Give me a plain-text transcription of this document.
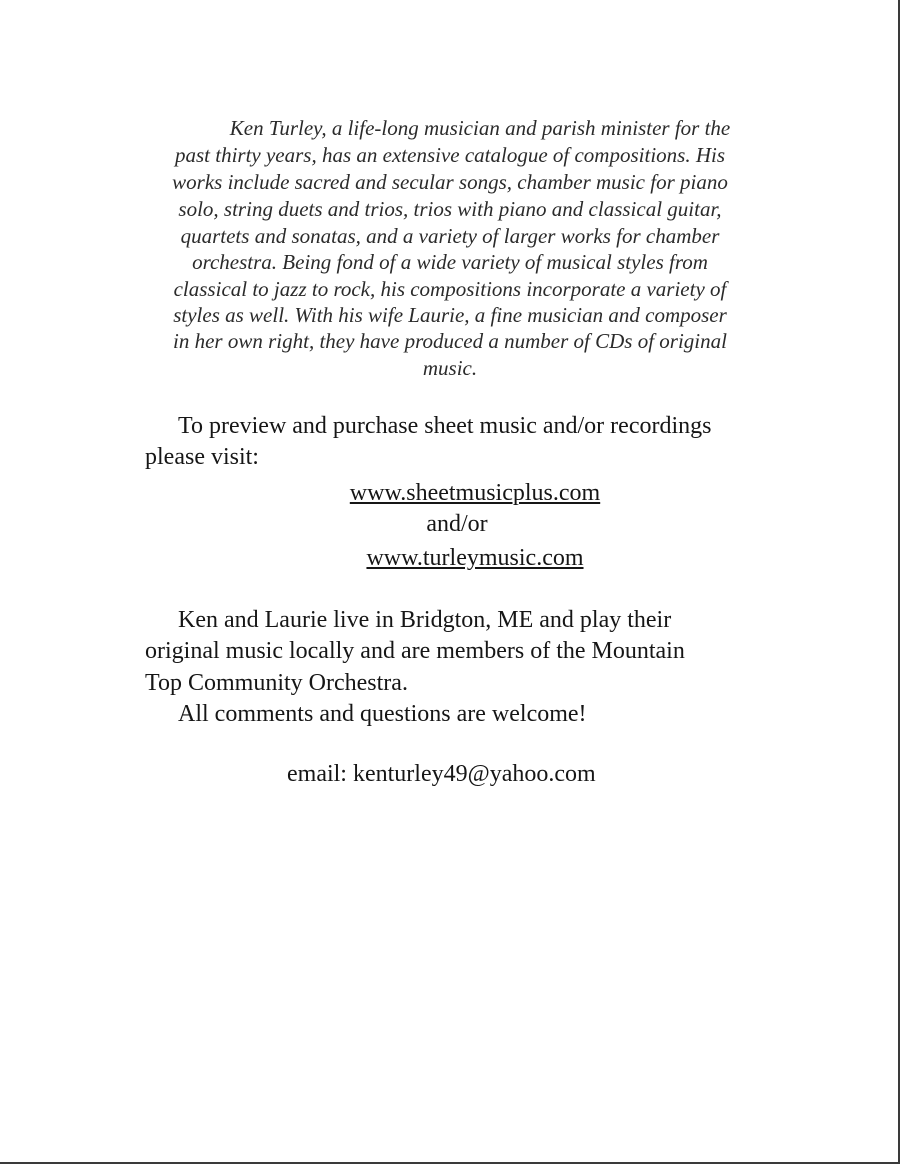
Ken Turley, a life-long musician and parish minister for the
past thirty years, has an extensive catalogue of compositions. His
works include sacred and secular songs, chamber music for piano
solo, string duets and trios, trios with piano and classical guitar,
quartets and sonatas, and a variety of larger works for chamber
orchestra. Being fond of a wide variety of musical styles from
classical to jazz to rock, his compositions incorporate a variety of
styles as well. With his wife Laurie, a fine musician and composer
in her own right, they have produced a number of CDs of original
music.
To preview and purchase sheet music and/or recordings
please visit:
www.sheetmusicplus.com
and/or
www.turleymusic.com
Ken and Laurie live in Bridgton, ME and play their
original music locally and are members of the Mountain
Top Community Orchestra.
All comments and questions are welcome!
email: kenturley49@yahoo.com
